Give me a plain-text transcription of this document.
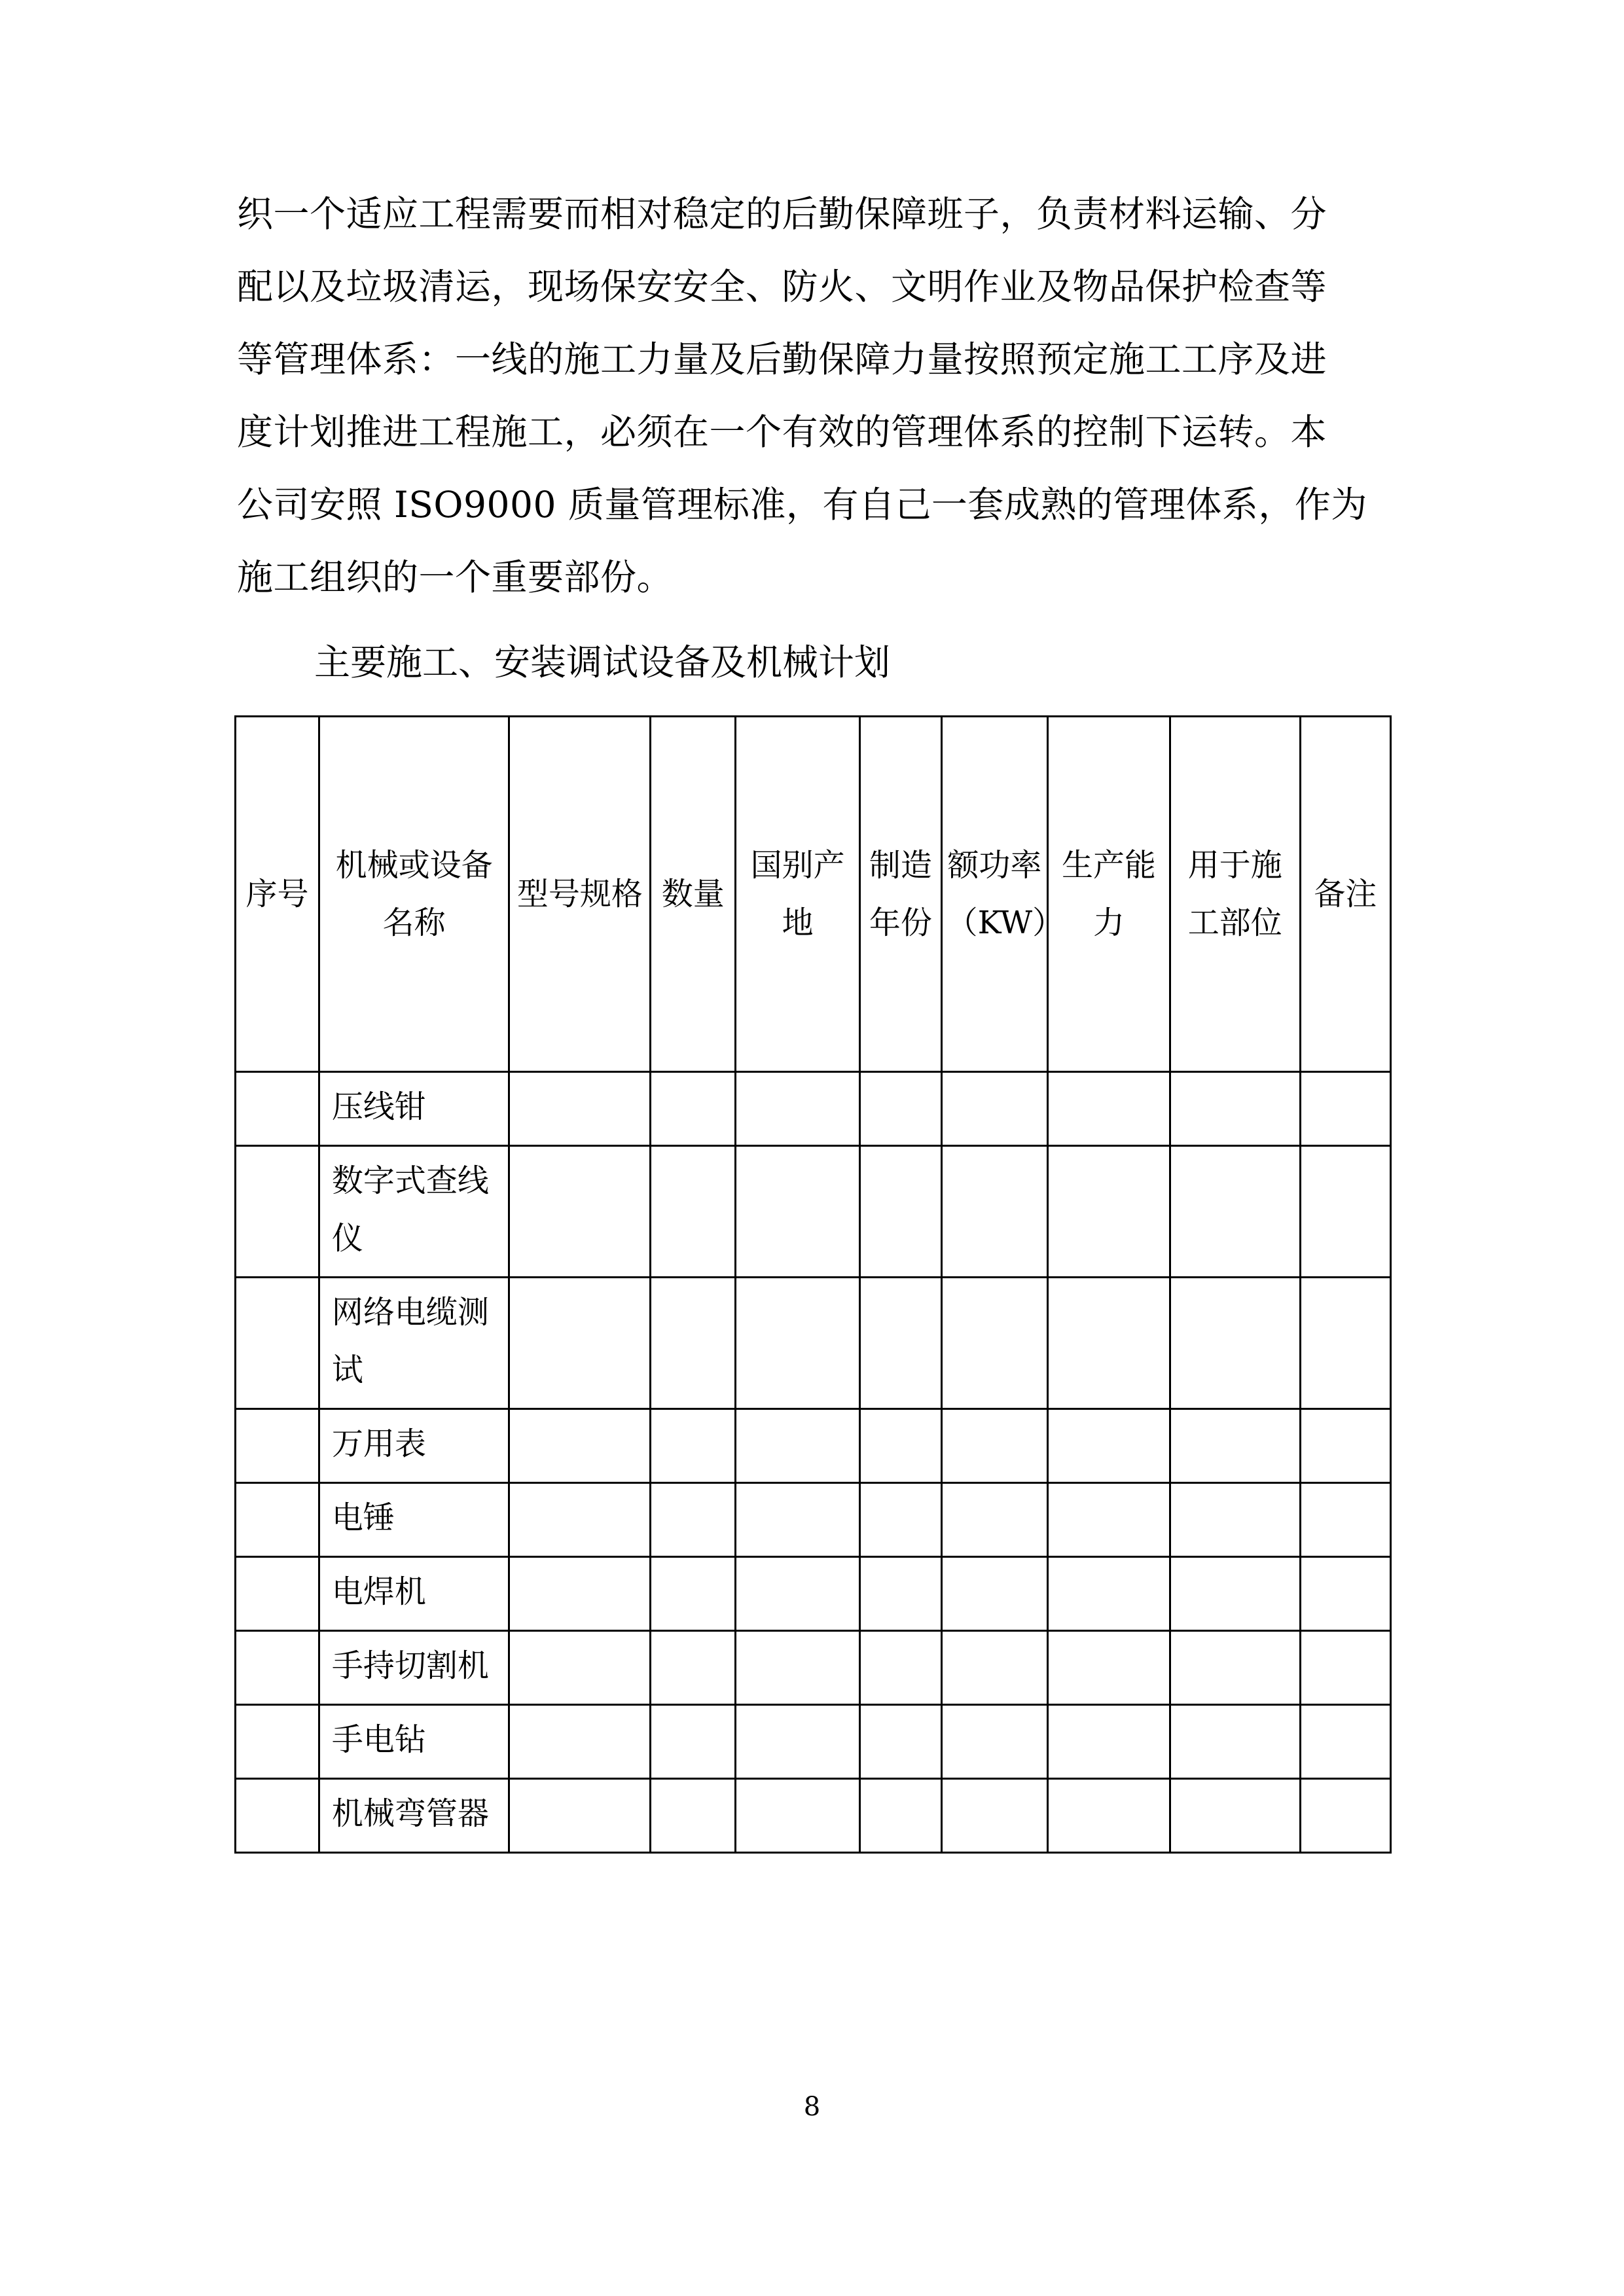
织一个适应工程需要而相对稳定的后勤保障班子，负责材料运输、分

配以及垃圾清运，现场保安安全、防火、文明作业及物品保护检查等

等管理体系：一线的施工力量及后勤保障力量按照预定施工工序及进

度计划推进工程施工，必须在一个有效的管理体系的控制下运转。本

公司安照 ISO9000 质量管理标准，有自己一套成熟的管理体系，作为

施工组织的一个重要部份。

主要施工、安装调试设备及机械计划
序号	机械或设备名称	型号规格	数量	国别产地	制造年份	额功率（KW）	生产能力	用于施工部位	备注

	压线钳								
	数字式查线仪								
	网络电缆测试								
	万用表								
	电锤								
	电焊机								
	手持切割机								
	手电钻								
	机械弯管器								
8
